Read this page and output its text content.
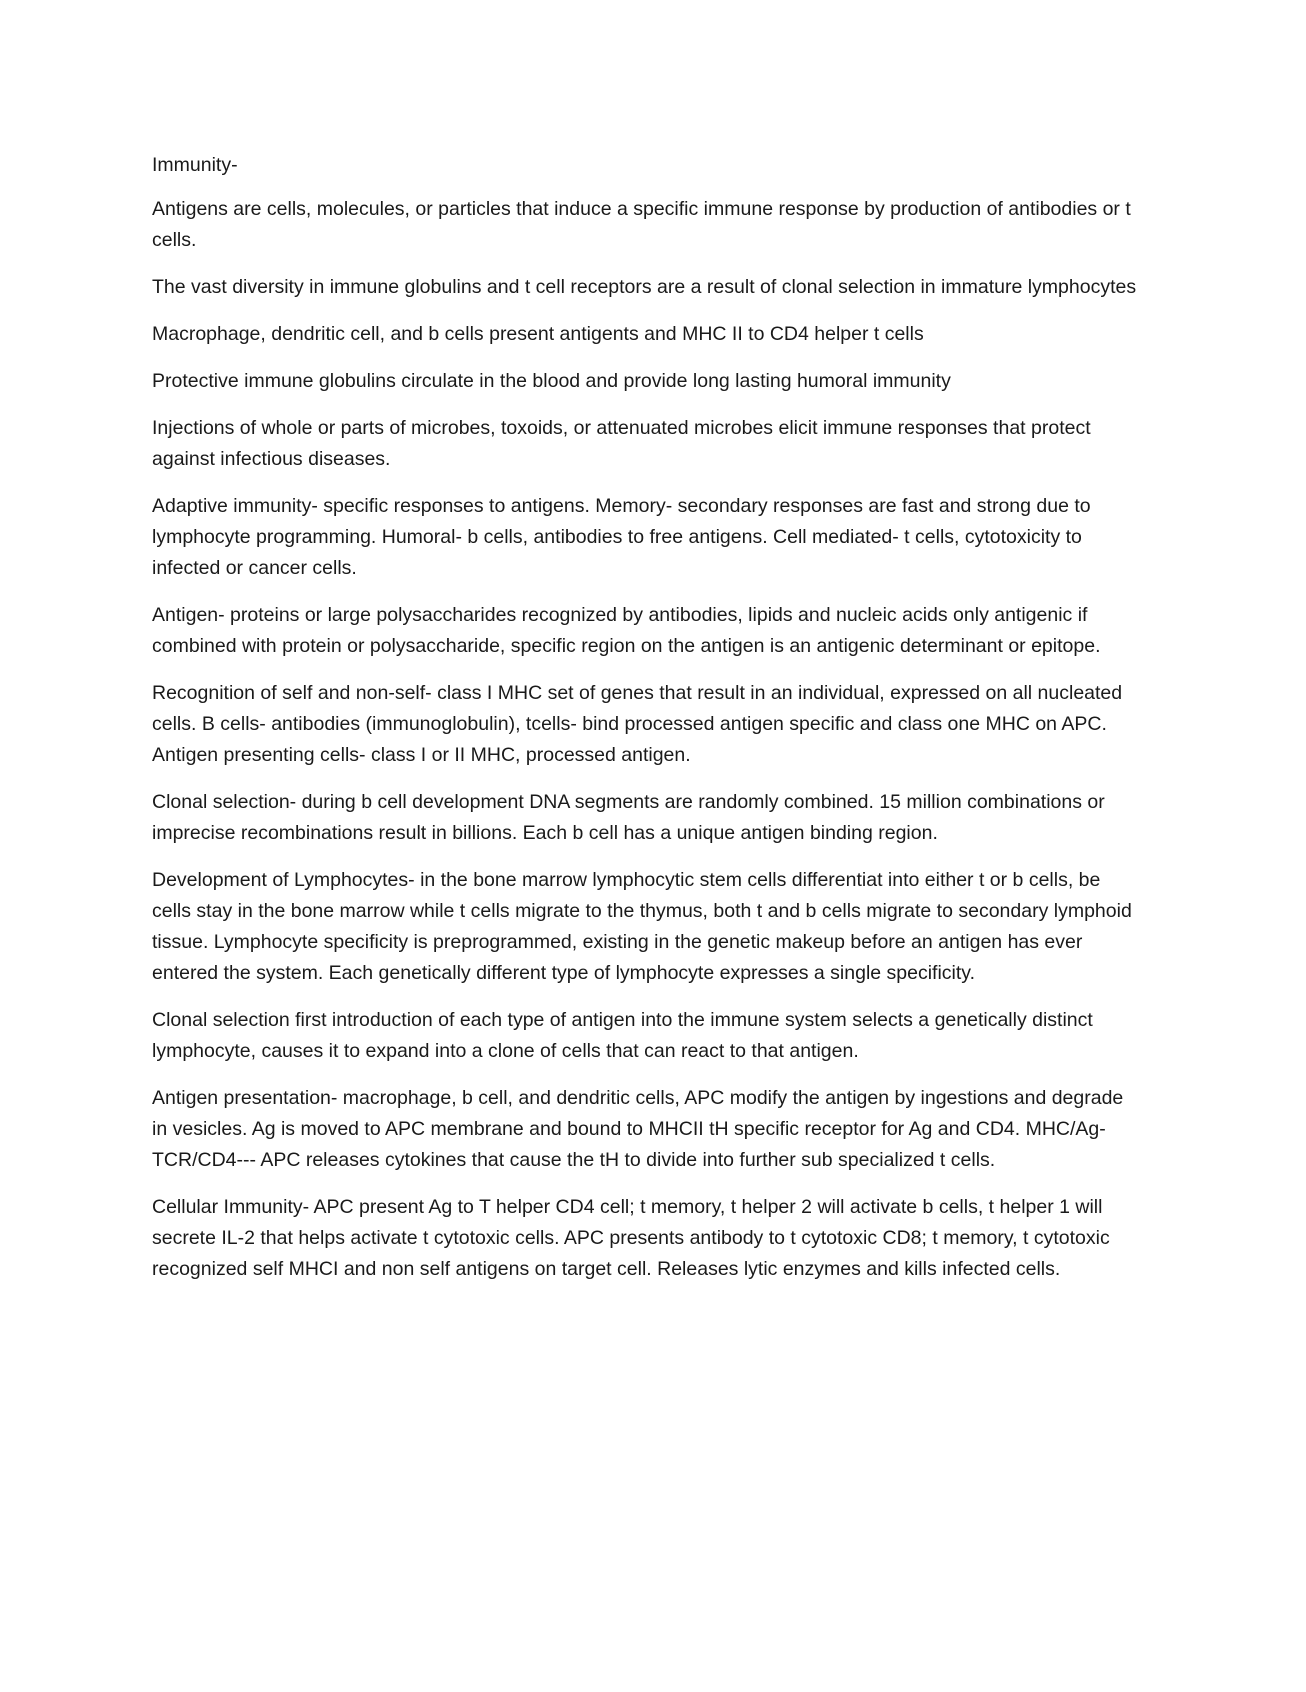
Immunity-

Antigens are cells, molecules, or particles that induce a specific immune response by production of antibodies or t cells.

The vast diversity in immune globulins and t cell receptors are a result of clonal selection in immature lymphocytes

Macrophage, dendritic cell, and b cells present antigents and MHC II to CD4 helper t cells

Protective immune globulins circulate in the blood and provide long lasting humoral immunity

Injections of whole or parts of microbes, toxoids, or attenuated microbes elicit immune responses that protect against infectious diseases.

Adaptive immunity- specific responses to antigens. Memory- secondary responses are fast and strong due to lymphocyte programming. Humoral- b cells, antibodies to free antigens. Cell mediated- t cells, cytotoxicity to infected or cancer cells.

Antigen- proteins or large polysaccharides recognized by antibodies, lipids and nucleic acids only antigenic if combined with protein or polysaccharide, specific region on the antigen is an antigenic determinant or epitope.

Recognition of self and non-self- class I MHC set of genes that result in an individual, expressed on all nucleated cells. B cells- antibodies (immunoglobulin), tcells- bind processed antigen specific and class one MHC on APC. Antigen presenting cells- class I or II MHC, processed antigen.

Clonal selection- during b cell development DNA segments are randomly combined. 15 million combinations or imprecise recombinations result in billions. Each b cell has a unique antigen binding region.

Development of Lymphocytes- in the bone marrow lymphocytic stem cells differentiat into either t or b cells, be cells stay in the bone marrow while t cells migrate to the thymus, both t and b cells migrate to secondary lymphoid tissue. Lymphocyte specificity is preprogrammed, existing in the genetic makeup before an antigen has ever entered the system. Each genetically different type of lymphocyte expresses a single specificity.

Clonal selection first introduction of each type of antigen into the immune system selects a genetically distinct lymphocyte, causes it to expand into a clone of cells that can react to that antigen.

Antigen presentation- macrophage, b cell, and dendritic cells, APC modify the antigen by ingestions and degrade in vesicles. Ag is moved to APC membrane and bound to MHCII tH specific receptor for Ag and CD4. MHC/Ag-TCR/CD4--- APC releases cytokines that cause the tH to divide into further sub specialized t cells.

Cellular Immunity- APC present Ag to T helper CD4 cell; t memory, t helper 2 will activate b cells, t helper 1 will secrete IL-2 that helps activate t cytotoxic cells. APC presents antibody to t cytotoxic CD8; t memory, t cytotoxic recognized self MHCI and non self antigens on target cell. Releases lytic enzymes and kills infected cells.
